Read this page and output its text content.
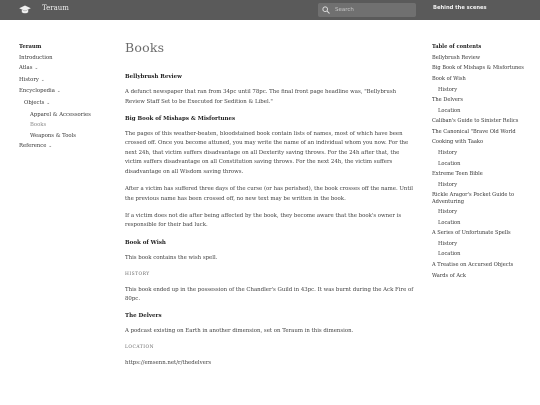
Teraum
Search	Behind the scenes
Teraum
Introduction
Atlas ⌄
History ⌄
Encyclopedia ⌄
Objects ⌄
Apparel & Accessories
Books
Weapons & Tools
Reference ⌄
Books
Bellybrush Review

A defunct newspaper that ran from 34pc until 78pc. The final front page headline was, "Bellybrush Review Staff Set to be Executed for Sedition & Libel."

Big Book of Mishaps & Misfortunes

The pages of this weather-beaten, bloodstained book contain lists of names, most of which have been crossed off. Once you become attuned, you may write the name of an individual whom you now. For the next 24h, that victim suffers disadvantage on all Dexterity saving throws. For the 24h after that, the victim suffers disadvantage on all Constitution saving throws. For the next 24h, the victim suffers disadvantage on all Wisdom saving throws.

After a victim has suffered three days of the curse (or has perished), the book crosses off the name. Until the previous name has been crossed off, no new text may be written in the book.

If a victim does not die after being affected by the book, they become aware that the book's owner is responsible for their bad luck.

Book of Wish

This book contains the wish spell.

HISTORY

This book ended up in the possession of the Chandler's Guild in 43pc. It was burnt during the Ack Fire of 80pc.

The Delvers

A podcast existing on Earth in another dimension, set on Teraum in this dimension.

LOCATION

https://emsenn.net/r/thedelvers

Table of contents
Bellybrush Review
Big Book of Mishaps & Misfortunes
Book of Wish
History
The Delvers
Location
Caliban's Guide to Sinister Relics
The Canonical "Brave Old World
Cooking with Taako
History
Location
Extreme Teen Bible
History
Rickle Aragor's Pocket Guide to Adventuring
History
Location
A Series of Unfortunate Spells
History
Location
A Treatise on Accursed Objects
Wards of Ack
